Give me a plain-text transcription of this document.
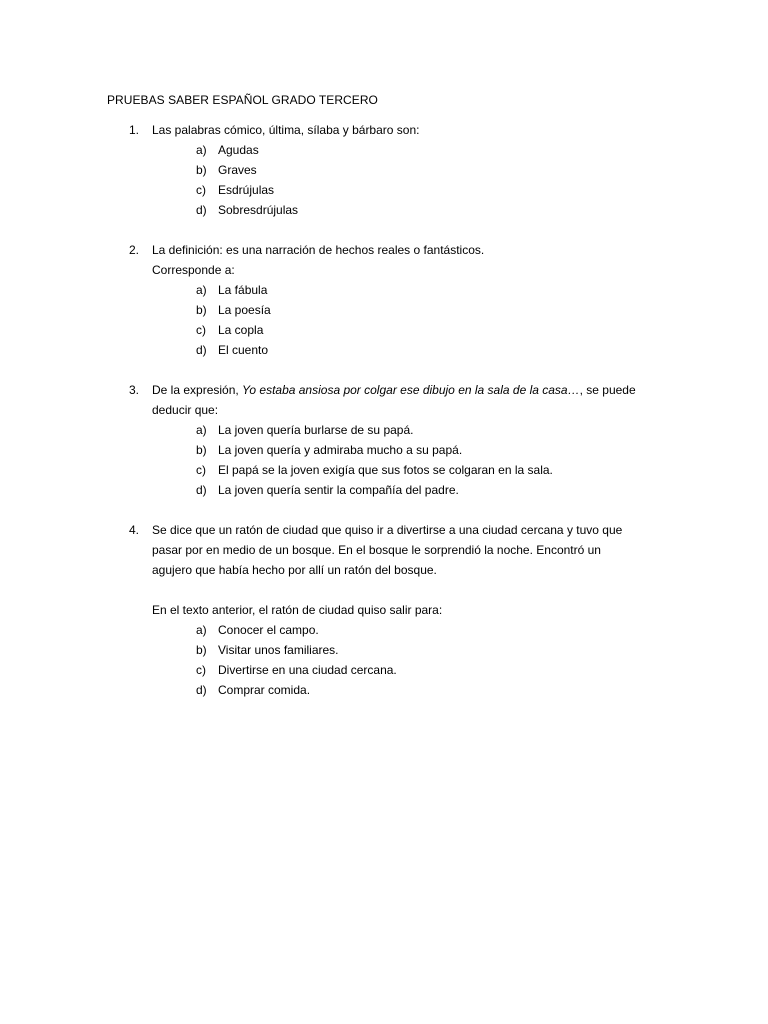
PRUEBAS SABER ESPAÑOL GRADO TERCERO
1. Las palabras cómico, última, sílaba y bárbaro son:
a) Agudas
b) Graves
c) Esdrújulas
d) Sobresdrújulas
2. La definición: es una narración de hechos reales o fantásticos.
Corresponde a:
a) La fábula
b) La poesía
c) La copla
d) El cuento
3. De la expresión, Yo estaba ansiosa por colgar ese dibujo en la sala de la casa…, se puede
deducir que:
a) La joven quería burlarse de su papá.
b) La joven quería y admiraba mucho a su papá.
c) El papá se la joven exigía que sus fotos se colgaran en la sala.
d) La joven quería sentir la compañía del padre.
4. Se dice que un ratón de ciudad que quiso ir a divertirse a una ciudad cercana y tuvo que
pasar por en medio de un bosque. En el bosque le sorprendió la noche. Encontró un
agujero que había hecho por allí un ratón del bosque.
En el texto anterior, el ratón de ciudad quiso salir para:
a) Conocer el campo.
b) Visitar unos familiares.
c) Divertirse en una ciudad cercana.
d) Comprar comida.
